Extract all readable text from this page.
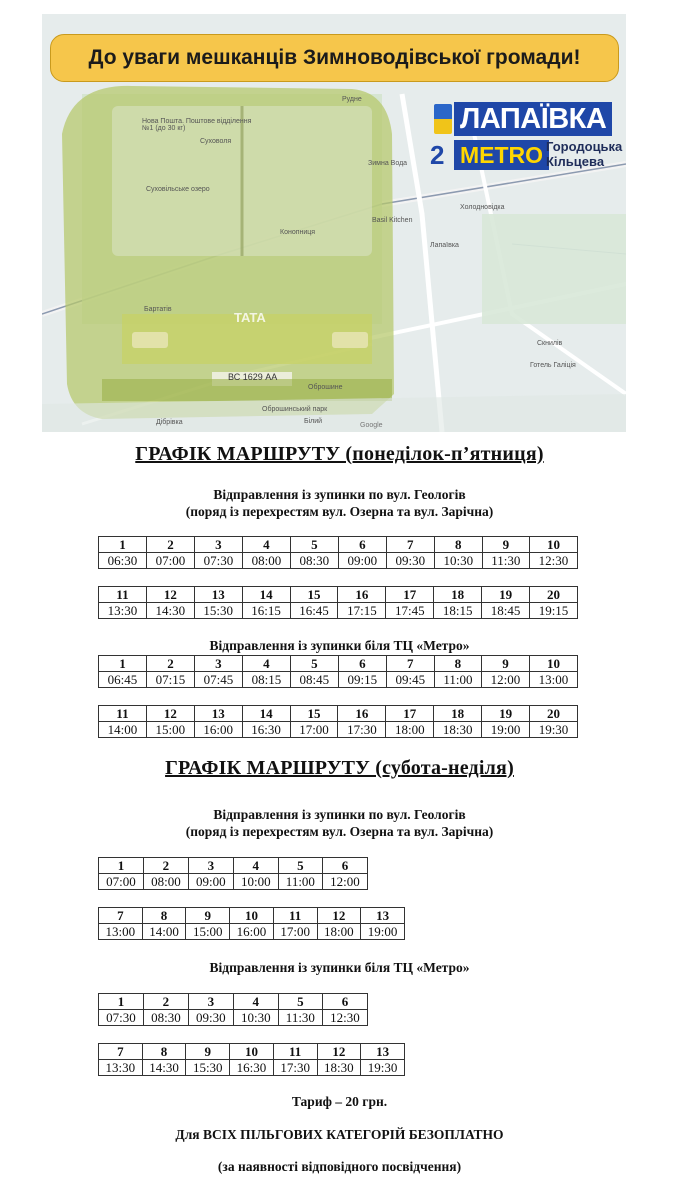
Рудне
Нова Пошта. Поштове відділення №1 (до 30 кг)
Суховоля
Зимна Вода
Суховільське озеро
Холодновідка
Конопниця
Basil Kitchen
Лапаївка
Бартатів
Скнилів
Готель Галіція
Оброшине
Оброшинський парк
Білий
Дібрівка	Google
TATA
ВС 1629 АА
До уваги мешканців Зимноводівської громади!
ЛАПАЇВКА
2 METRO Городоцька
Кільцева
ГРАФІК МАРШРУТУ (понеділок-п’ятниця)
Відправлення із зупинки по вул. Геологів
(поряд із перехрестям вул. Озерна та вул. Зарічна)
1	2	3	4	5	6	7	8	9	10
06:30	07:00	07:30	08:00	08:30	09:00	09:30	10:30	11:30	12:30
11	12	13	14	15	16	17	18	19	20
13:30	14:30	15:30	16:15	16:45	17:15	17:45	18:15	18:45	19:15
Відправлення із зупинки біля ТЦ «Метро»
1	2	3	4	5	6	7	8	9	10
06:45	07:15	07:45	08:15	08:45	09:15	09:45	11:00	12:00	13:00
11	12	13	14	15	16	17	18	19	20
14:00	15:00	16:00	16:30	17:00	17:30	18:00	18:30	19:00	19:30
ГРАФІК МАРШРУТУ (субота-неділя)
Відправлення із зупинки по вул. Геологів
(поряд із перехрестям вул. Озерна та вул. Зарічна)
1	2	3	4	5	6
07:00	08:00	09:00	10:00	11:00	12:00
7	8	9	10	11	12	13
13:00	14:00	15:00	16:00	17:00	18:00	19:00
Відправлення із зупинки біля ТЦ «Метро»
1	2	3	4	5	6
07:30	08:30	09:30	10:30	11:30	12:30
7	8	9	10	11	12	13
13:30	14:30	15:30	16:30	17:30	18:30	19:30
Тариф – 20 грн.
Для ВСІХ ПІЛЬГОВИХ КАТЕГОРІЙ БЕЗОПЛАТНО
(за наявності відповідного посвідчення)
